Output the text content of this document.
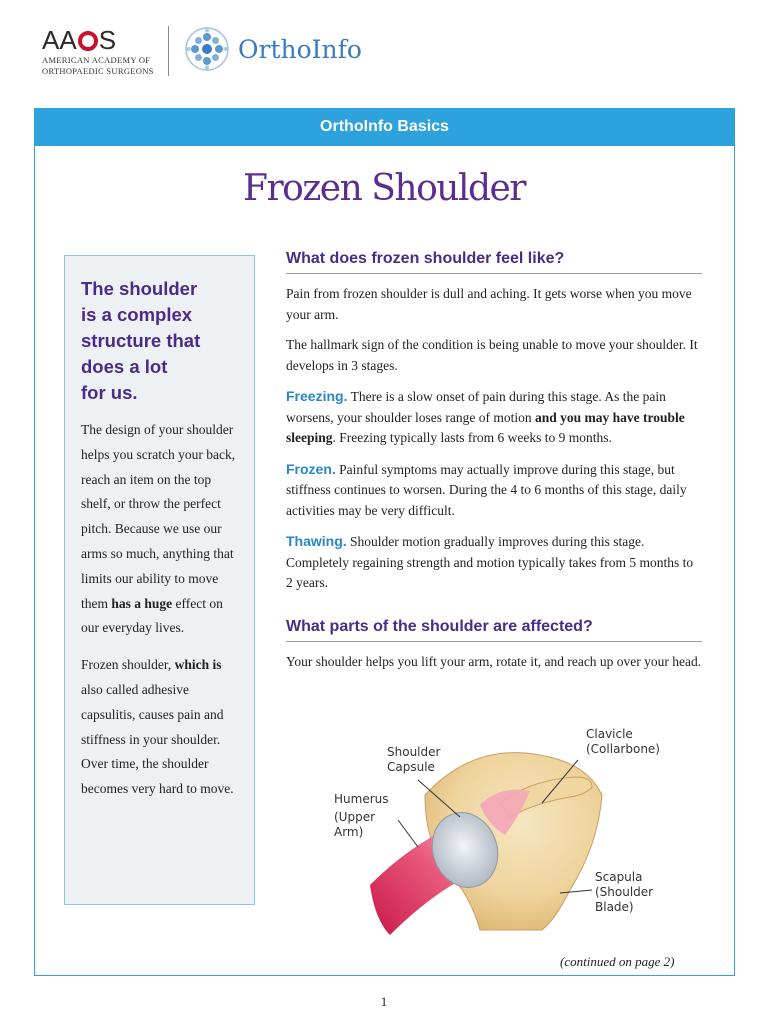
AA S
AMERICAN ACADEMY OF
ORTHOPAEDIC SURGEONS
OrthoInfo
OrthoInfo Basics
Frozen Shoulder
The shoulder
is a complex
structure that
does a lot
for us.

The design of your shoulder helps you scratch your back, reach an item on the top shelf, or throw the perfect pitch. Because we use our arms so much, anything that limits our ability to move them has a huge effect on our everyday lives.

Frozen shoulder, which is also called adhesive capsulitis, causes pain and stiffness in your shoulder. Over time, the shoulder becomes very hard to move.

What does frozen shoulder feel like?

Pain from frozen shoulder is dull and aching. It gets worse when you move your arm.

The hallmark sign of the condition is being unable to move your shoulder. It develops in 3 stages.

Freezing. There is a slow onset of pain during this stage. As the pain worsens, your shoulder loses range of motion and you may have trouble sleeping. Freezing typically lasts from 6 weeks to 9 months.

Frozen. Painful symptoms may actually improve during this stage, but stiffness continues to worsen. During the 4 to 6 months of this stage, daily activities may be very difficult.

Thawing. Shoulder motion gradually improves during this stage. Completely regaining strength and motion typically takes from 5 months to 2 years.

What parts of the shoulder are affected?

Your shoulder helps you lift your arm, rotate it, and reach up over your head.

Shoulder
Capsule
Humerus
(Upper
Arm)
Clavicle
(Collarbone)
Scapula
(Shoulder
Blade)
(continued on page 2)
1
